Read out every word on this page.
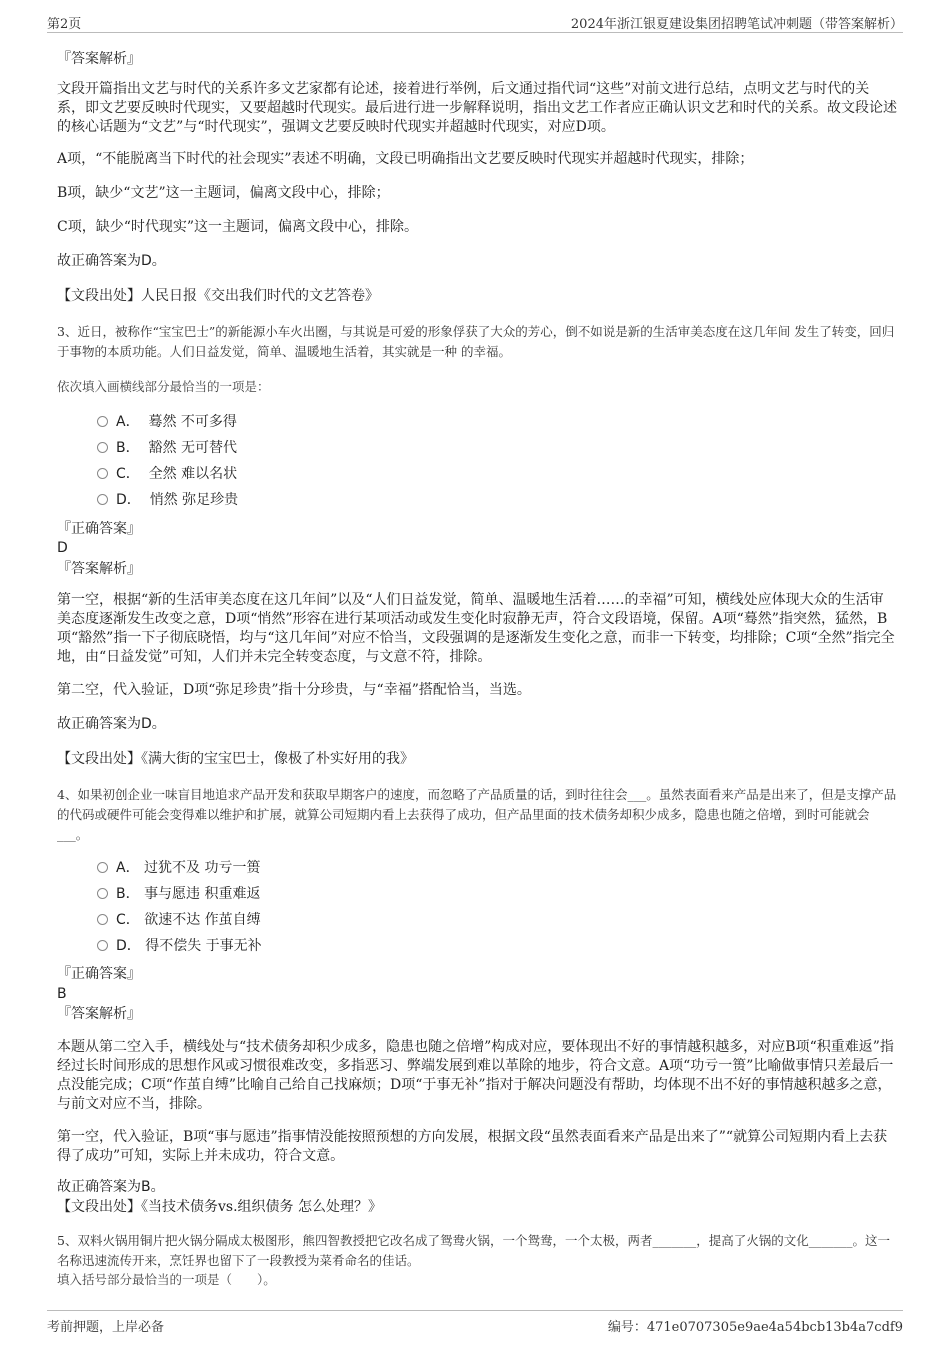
第2页	2024年浙江银夏建设集团招聘笔试冲刺题（带答案解析）
『答案解析』
文段开篇指出文艺与时代的关系许多文艺家都有论述，接着进行举例，后文通过指代词“这些”对前文进行总结，点明文艺与时代的关系，即文艺要反映时代现实，又要超越时代现实。最后进行进一步解释说明，指出文艺工作者应正确认识文艺和时代的关系。故文段论述的核心话题为“文艺”与“时代现实”，强调文艺要反映时代现实并超越时代现实，对应D项。
A项，“不能脱离当下时代的社会现实”表述不明确，文段已明确指出文艺要反映时代现实并超越时代现实，排除；
B项，缺少“文艺”这一主题词，偏离文段中心，排除；
C项，缺少“时代现实”这一主题词，偏离文段中心，排除。
故正确答案为D。
【文段出处】人民日报《交出我们时代的文艺答卷》
3、近日，被称作“宝宝巴士”的新能源小车火出圈，与其说是可爱的形象俘获了大众的芳心，倒不如说是新的生活审美态度在这几年间 发生了转变，回归于事物的本质功能。人们日益发觉，简单、温暖地生活着，其实就是一种 的幸福。
依次填入画横线部分最恰当的一项是：
A． 蓦然 不可多得
B． 豁然 无可替代
C． 全然 难以名状
D． 悄然 弥足珍贵
『正确答案』
D
『答案解析』
第一空，根据“新的生活审美态度在这几年间”以及“人们日益发觉，简单、温暖地生活着……的幸福”可知，横线处应体现大众的生活审美态度逐渐发生改变之意，D项“悄然”形容在进行某项活动或发生变化时寂静无声，符合文段语境，保留。A项“蓦然”指突然，猛然，B项“豁然”指一下子彻底晓悟，均与“这几年间”对应不恰当，文段强调的是逐渐发生变化之意，而非一下转变，均排除；C项“全然”指完全地，由“日益发觉”可知，人们并未完全转变态度，与文意不符，排除。
第二空，代入验证，D项“弥足珍贵”指十分珍贵，与“幸福”搭配恰当，当选。
故正确答案为D。
【文段出处】《满大街的宝宝巴士，像极了朴实好用的我》
4、如果初创企业一味盲目地追求产品开发和获取早期客户的速度，而忽略了产品质量的话，到时往往会___。虽然表面看来产品是出来了，但是支撑产品的代码或硬件可能会变得难以维护和扩展，就算公司短期内看上去获得了成功，但产品里面的技术债务却积少成多，隐患也随之倍增，到时可能就会___。
A． 过犹不及 功亏一篑
B． 事与愿违 积重难返
C． 欲速不达 作茧自缚
D． 得不偿失 于事无补
『正确答案』
B
『答案解析』
本题从第二空入手，横线处与“技术债务却积少成多，隐患也随之倍增”构成对应，要体现出不好的事情越积越多，对应B项“积重难返”指经过长时间形成的思想作风或习惯很难改变，多指恶习、弊端发展到难以革除的地步，符合文意。A项“功亏一篑”比喻做事情只差最后一点没能完成；C项“作茧自缚”比喻自己给自己找麻烦；D项“于事无补”指对于解决问题没有帮助，均体现不出不好的事情越积越多之意，与前文对应不当，排除。
第一空，代入验证，B项“事与愿违”指事情没能按照预想的方向发展，根据文段“虽然表面看来产品是出来了”“就算公司短期内看上去获得了成功”可知，实际上并未成功，符合文意。
故正确答案为B。
【文段出处】《当技术债务vs.组织债务 怎么处理？》
5、双料火锅用铜片把火锅分隔成太极图形，熊四智教授把它改名成了鸳鸯火锅，一个鸳鸯，一个太极，两者_______，提高了火锅的文化_______。这一名称迅速流传开来，烹饪界也留下了一段教授为菜肴命名的佳话。
填入括号部分最恰当的一项是（　　）。
考前押题，上岸必备	编号：471e0707305e9ae4a54bcb13b4a7cdf9
